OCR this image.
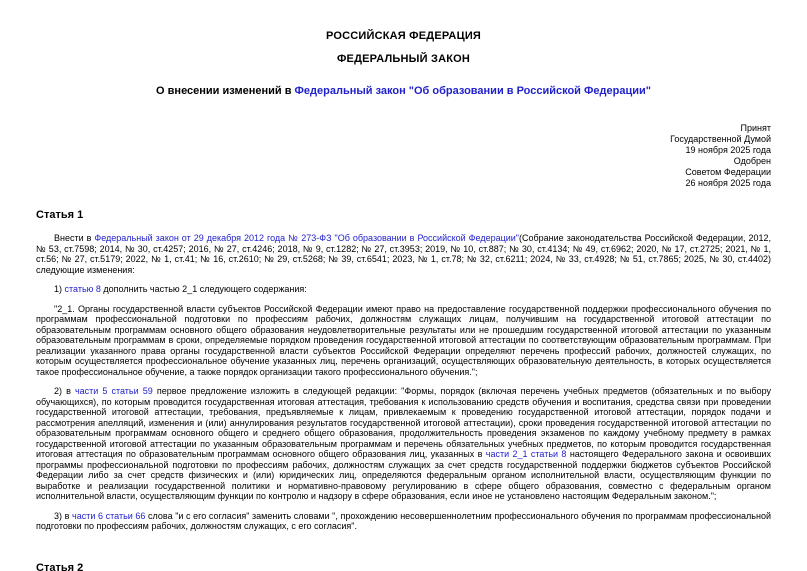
РОССИЙСКАЯ ФЕДЕРАЦИЯ
ФЕДЕРАЛЬНЫЙ ЗАКОН
О внесении изменений в Федеральный закон "Об образовании в Российской Федерации"
Принят
Государственной Думой
19 ноября 2025 года
Одобрен
Советом Федерации
26 ноября 2025 года
Статья 1

Внести в Федеральный закон от 29 декабря 2012 года № 273-ФЗ "Об образовании в Российской Федерации"(Собрание законодательства Российской Федерации, 2012, № 53, ст.7598; 2014, № 30, ст.4257; 2016, № 27, ст.4246; 2018, № 9, ст.1282; № 27, ст.3953; 2019, № 10, ст.887; № 30, ст.4134; № 49, ст.6962; 2020, № 17, ст.2725; 2021, № 1, ст.56; № 27, ст.5179; 2022, № 1, ст.41; № 16, ст.2610; № 29, ст.5268; № 39, ст.6541; 2023, № 1, ст.78; № 32, ст.6211; 2024, № 33, ст.4928; № 51, ст.7865; 2025, № 30, ст.4402) следующие изменения:

1) статью 8 дополнить частью 2_1 следующего содержания:

"2_1. Органы государственной власти субъектов Российской Федерации имеют право на предоставление государственной поддержки профессионального обучения по программам профессиональной подготовки по профессиям рабочих, должностям служащих лицам, получившим на государственной итоговой аттестации по образовательным программам основного общего образования неудовлетворительные результаты или не прошедшим государственной итоговой аттестации по указанным образовательным программам в сроки, определяемые порядком проведения государственной итоговой аттестации по соответствующим образовательным программам. При реализации указанного права органы государственной власти субъектов Российской Федерации определяют перечень профессий рабочих, должностей служащих, по которым осуществляется профессиональное обучение указанных лиц, перечень организаций, осуществляющих образовательную деятельность, в которых осуществляется такое профессиональное обучение, а также порядок организации такого профессионального обучения.";

2) в части 5 статьи 59 первое предложение изложить в следующей редакции: "Формы, порядок (включая перечень учебных предметов (обязательных и по выбору обучающихся), по которым проводится государственная итоговая аттестация, требования к использованию средств обучения и воспитания, средства связи при проведении государственной итоговой аттестации, требования, предъявляемые к лицам, привлекаемым к проведению государственной итоговой аттестации, порядок подачи и рассмотрения апелляций, изменения и (или) аннулирования результатов государственной итоговой аттестации), сроки проведения государственной итоговой аттестации по образовательным программам основного общего и среднего общего образования, продолжительность проведения экзаменов по каждому учебному предмету в рамках государственной итоговой аттестации по указанным образовательным программам и перечень обязательных учебных предметов, по которым проводится государственная итоговая аттестация по образовательным программам основного общего образования лиц, указанных в части 2_1 статьи 8 настоящего Федерального закона и освоивших программы профессиональной подготовки по профессиям рабочих, должностям служащих за счет средств государственной поддержки бюджетов субъектов Российской Федерации либо за счет средств физических и (или) юридических лиц, определяются федеральным органом исполнительной власти, осуществляющим функции по выработке и реализации государственной политики и нормативно-правовому регулированию в сфере общего образования, совместно с федеральным органом исполнительной власти, осуществляющим функции по контролю и надзору в сфере образования, если иное не установлено настоящим Федеральным законом.";

3) в части 6 статьи 66 слова "и с его согласия" заменить словами ", прохождению несовершеннолетним профессионального обучения по программам профессиональной подготовки по профессиям рабочих, должностям служащих, с его согласия".

Статья 2
